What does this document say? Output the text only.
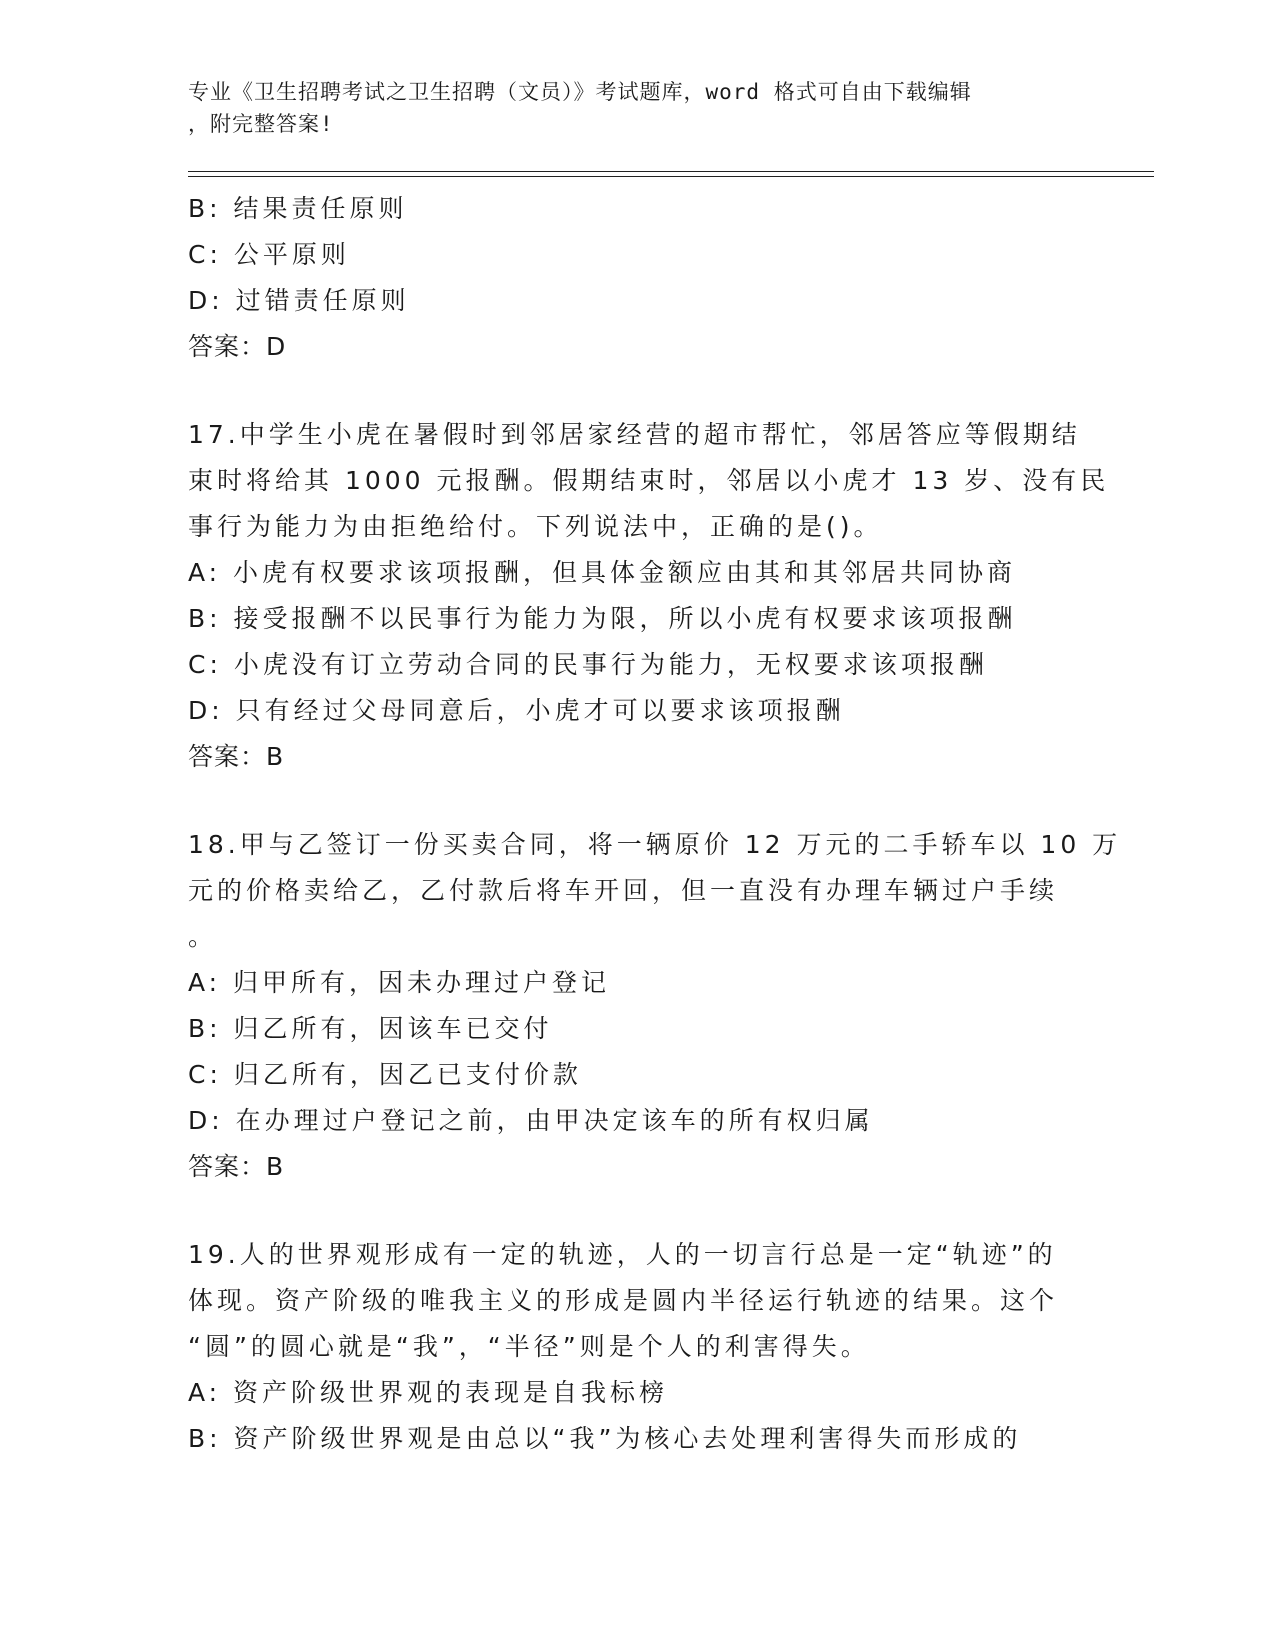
专业《卫生招聘考试之卫生招聘（文员）》考试题库，word 格式可自由下载编辑
，附完整答案!
B: 结果责任原则
C: 公平原则
D: 过错责任原则
答案：D
17.中学生小虎在暑假时到邻居家经营的超市帮忙，邻居答应等假期结
束时将给其 1000 元报酬。假期结束时，邻居以小虎才 13 岁、没有民
事行为能力为由拒绝给付。下列说法中，正确的是()。
A: 小虎有权要求该项报酬，但具体金额应由其和其邻居共同协商
B: 接受报酬不以民事行为能力为限，所以小虎有权要求该项报酬
C: 小虎没有订立劳动合同的民事行为能力，无权要求该项报酬
D: 只有经过父母同意后，小虎才可以要求该项报酬
答案：B
18.甲与乙签订一份买卖合同，将一辆原价 12 万元的二手轿车以 10 万
元的价格卖给乙，乙付款后将车开回，但一直没有办理车辆过户手续
。
A: 归甲所有，因未办理过户登记
B: 归乙所有，因该车已交付
C: 归乙所有，因乙已支付价款
D: 在办理过户登记之前，由甲决定该车的所有权归属
答案：B
19.人的世界观形成有一定的轨迹，人的一切言行总是一定“轨迹”的
体现。资产阶级的唯我主义的形成是圆内半径运行轨迹的结果。这个
“圆”的圆心就是“我”，“半径”则是个人的利害得失。
A: 资产阶级世界观的表现是自我标榜
B: 资产阶级世界观是由总以“我”为核心去处理利害得失而形成的
